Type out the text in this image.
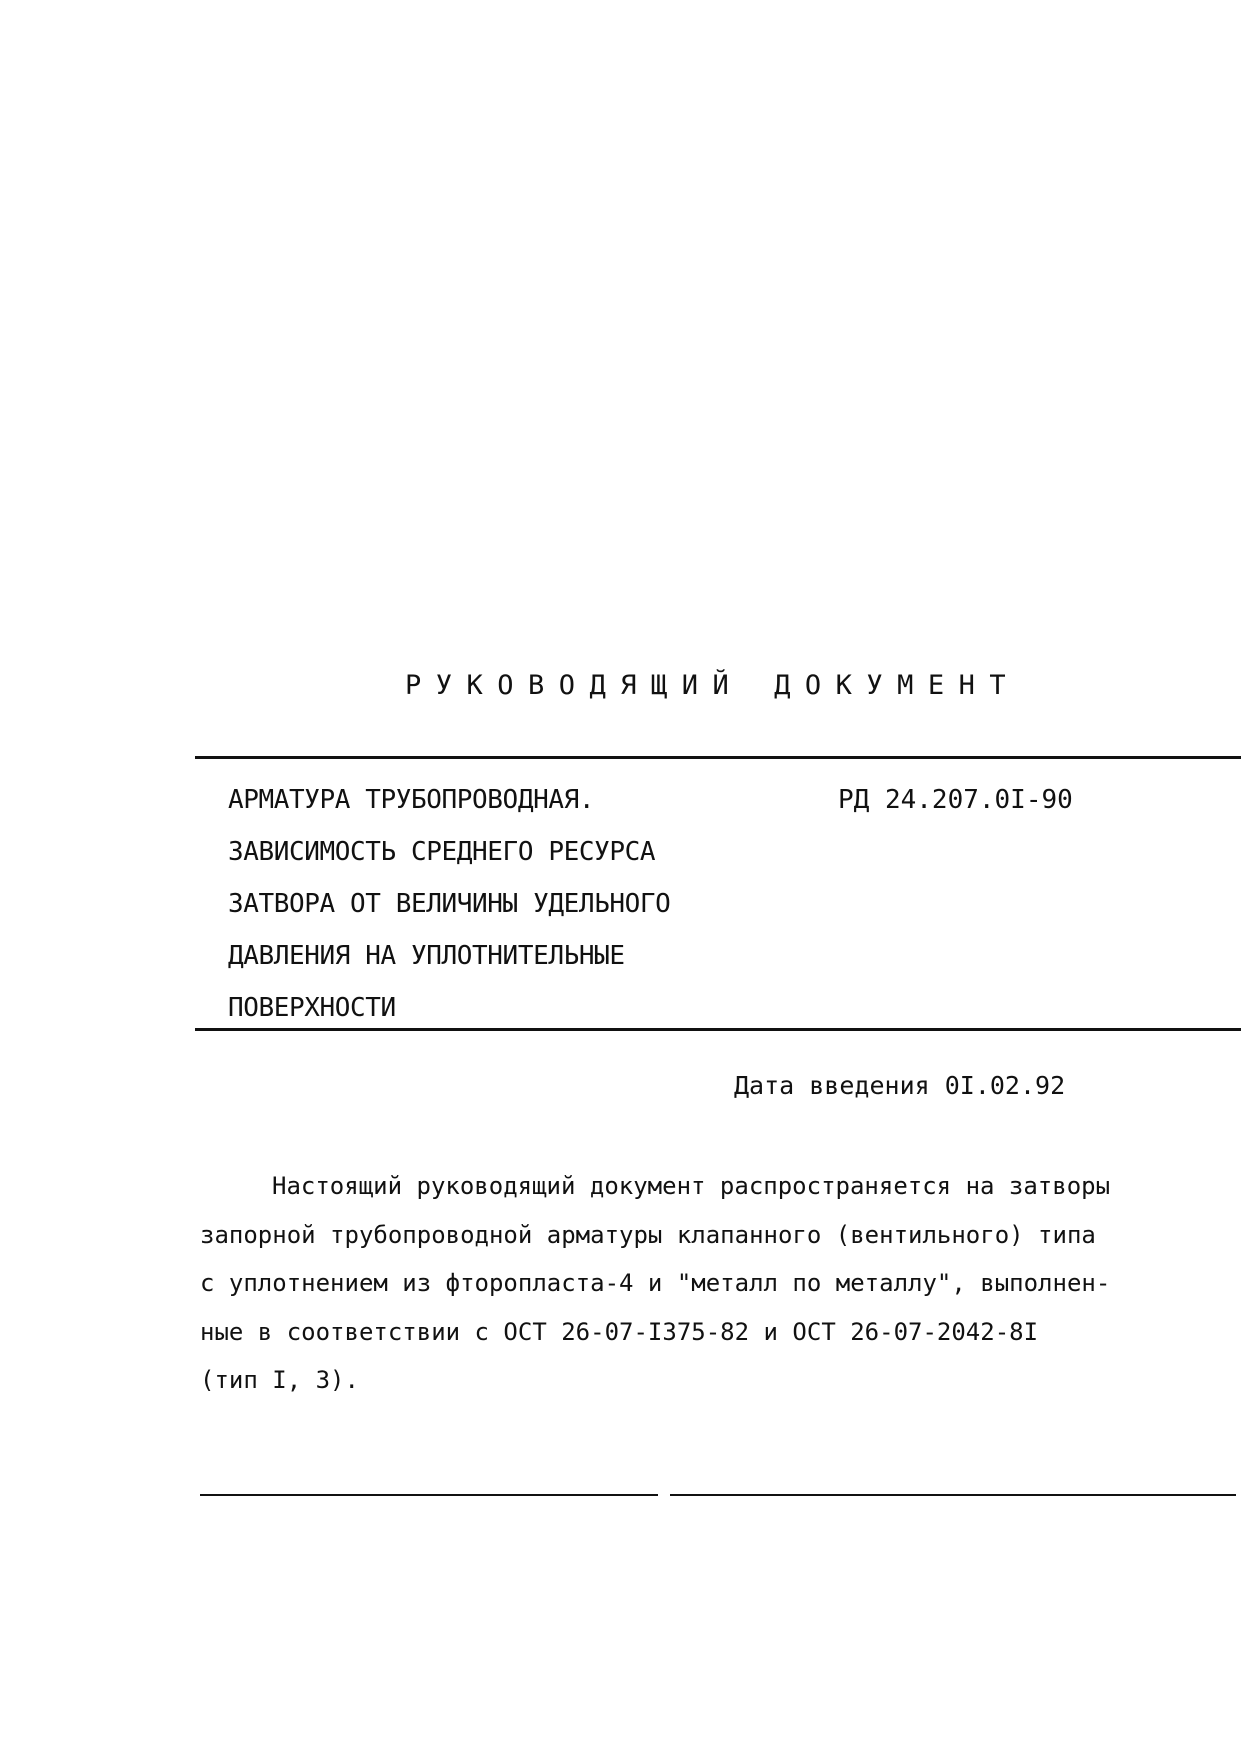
РУКОВОДЯЩИЙ ДОКУМЕНТ
АРМАТУРА ТРУБОПРОВОДНАЯ.
ЗАВИСИМОСТЬ СРЕДНЕГО РЕСУРСА
ЗАТВОРА ОТ ВЕЛИЧИНЫ УДЕЛЬНОГО
ДАВЛЕНИЯ НА УПЛОТНИТЕЛЬНЫЕ
ПОВЕРХНОСТИ
РД 24.207.0I-90
Дата введения 0I.02.92
Настоящий руководящий документ распространяется на затворы
запорной трубопроводной арматуры клапанного (вентильного) типа
с уплотнением из фторопласта-4 и "металл по металлу", выполнен-
ные в соответствии с ОСТ 26-07-I375-82 и ОСТ 26-07-2042-8I
(тип I, 3).
